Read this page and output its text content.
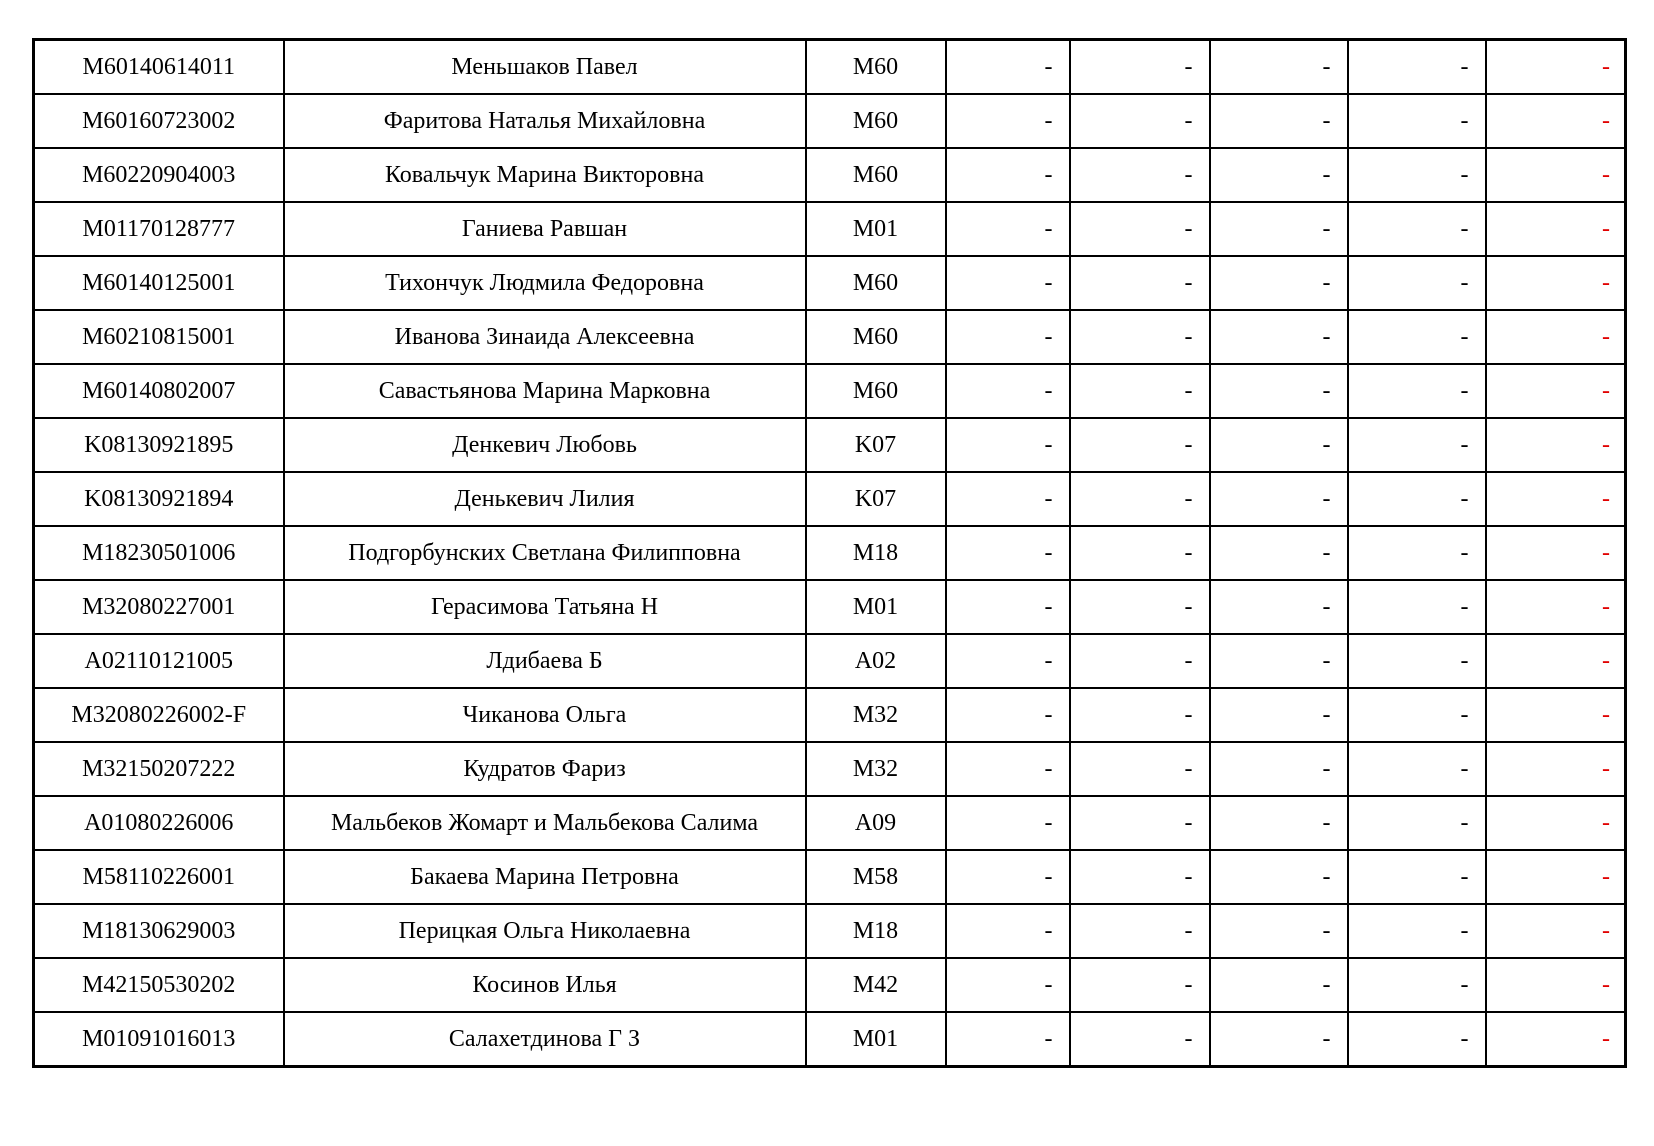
M60140614011	Меньшаков Павел	M60	-	-	-	-	-
M60160723002	Фаритова Наталья Михайловна	M60	-	-	-	-	-
M60220904003	Ковальчук Марина Викторовна	M60	-	-	-	-	-
M01170128777	Ганиева Равшан	M01	-	-	-	-	-
M60140125001	Тихончук Людмила Федоровна	M60	-	-	-	-	-
M60210815001	Иванова Зинаида Алексеевна	M60	-	-	-	-	-
M60140802007	Савастьянова Марина Марковна	M60	-	-	-	-	-
K08130921895	Денкевич Любовь	K07	-	-	-	-	-
K08130921894	Денькевич Лилия	K07	-	-	-	-	-
M18230501006	Подгорбунских Светлана Филипповна	M18	-	-	-	-	-
M32080227001	Герасимова Татьяна Н	M01	-	-	-	-	-
A02110121005	Лдибаева Б	A02	-	-	-	-	-
M32080226002-F	Чиканова Ольга	M32	-	-	-	-	-
M32150207222	Кудратов Фариз	M32	-	-	-	-	-
A01080226006	Мальбеков Жомарт и Мальбекова Салима	A09	-	-	-	-	-
M58110226001	Бакаева Марина Петровна	M58	-	-	-	-	-
M18130629003	Перицкая Ольга Николаевна	M18	-	-	-	-	-
M42150530202	Косинов Илья	M42	-	-	-	-	-
M01091016013	Салахетдинова Г З	M01	-	-	-	-	-
